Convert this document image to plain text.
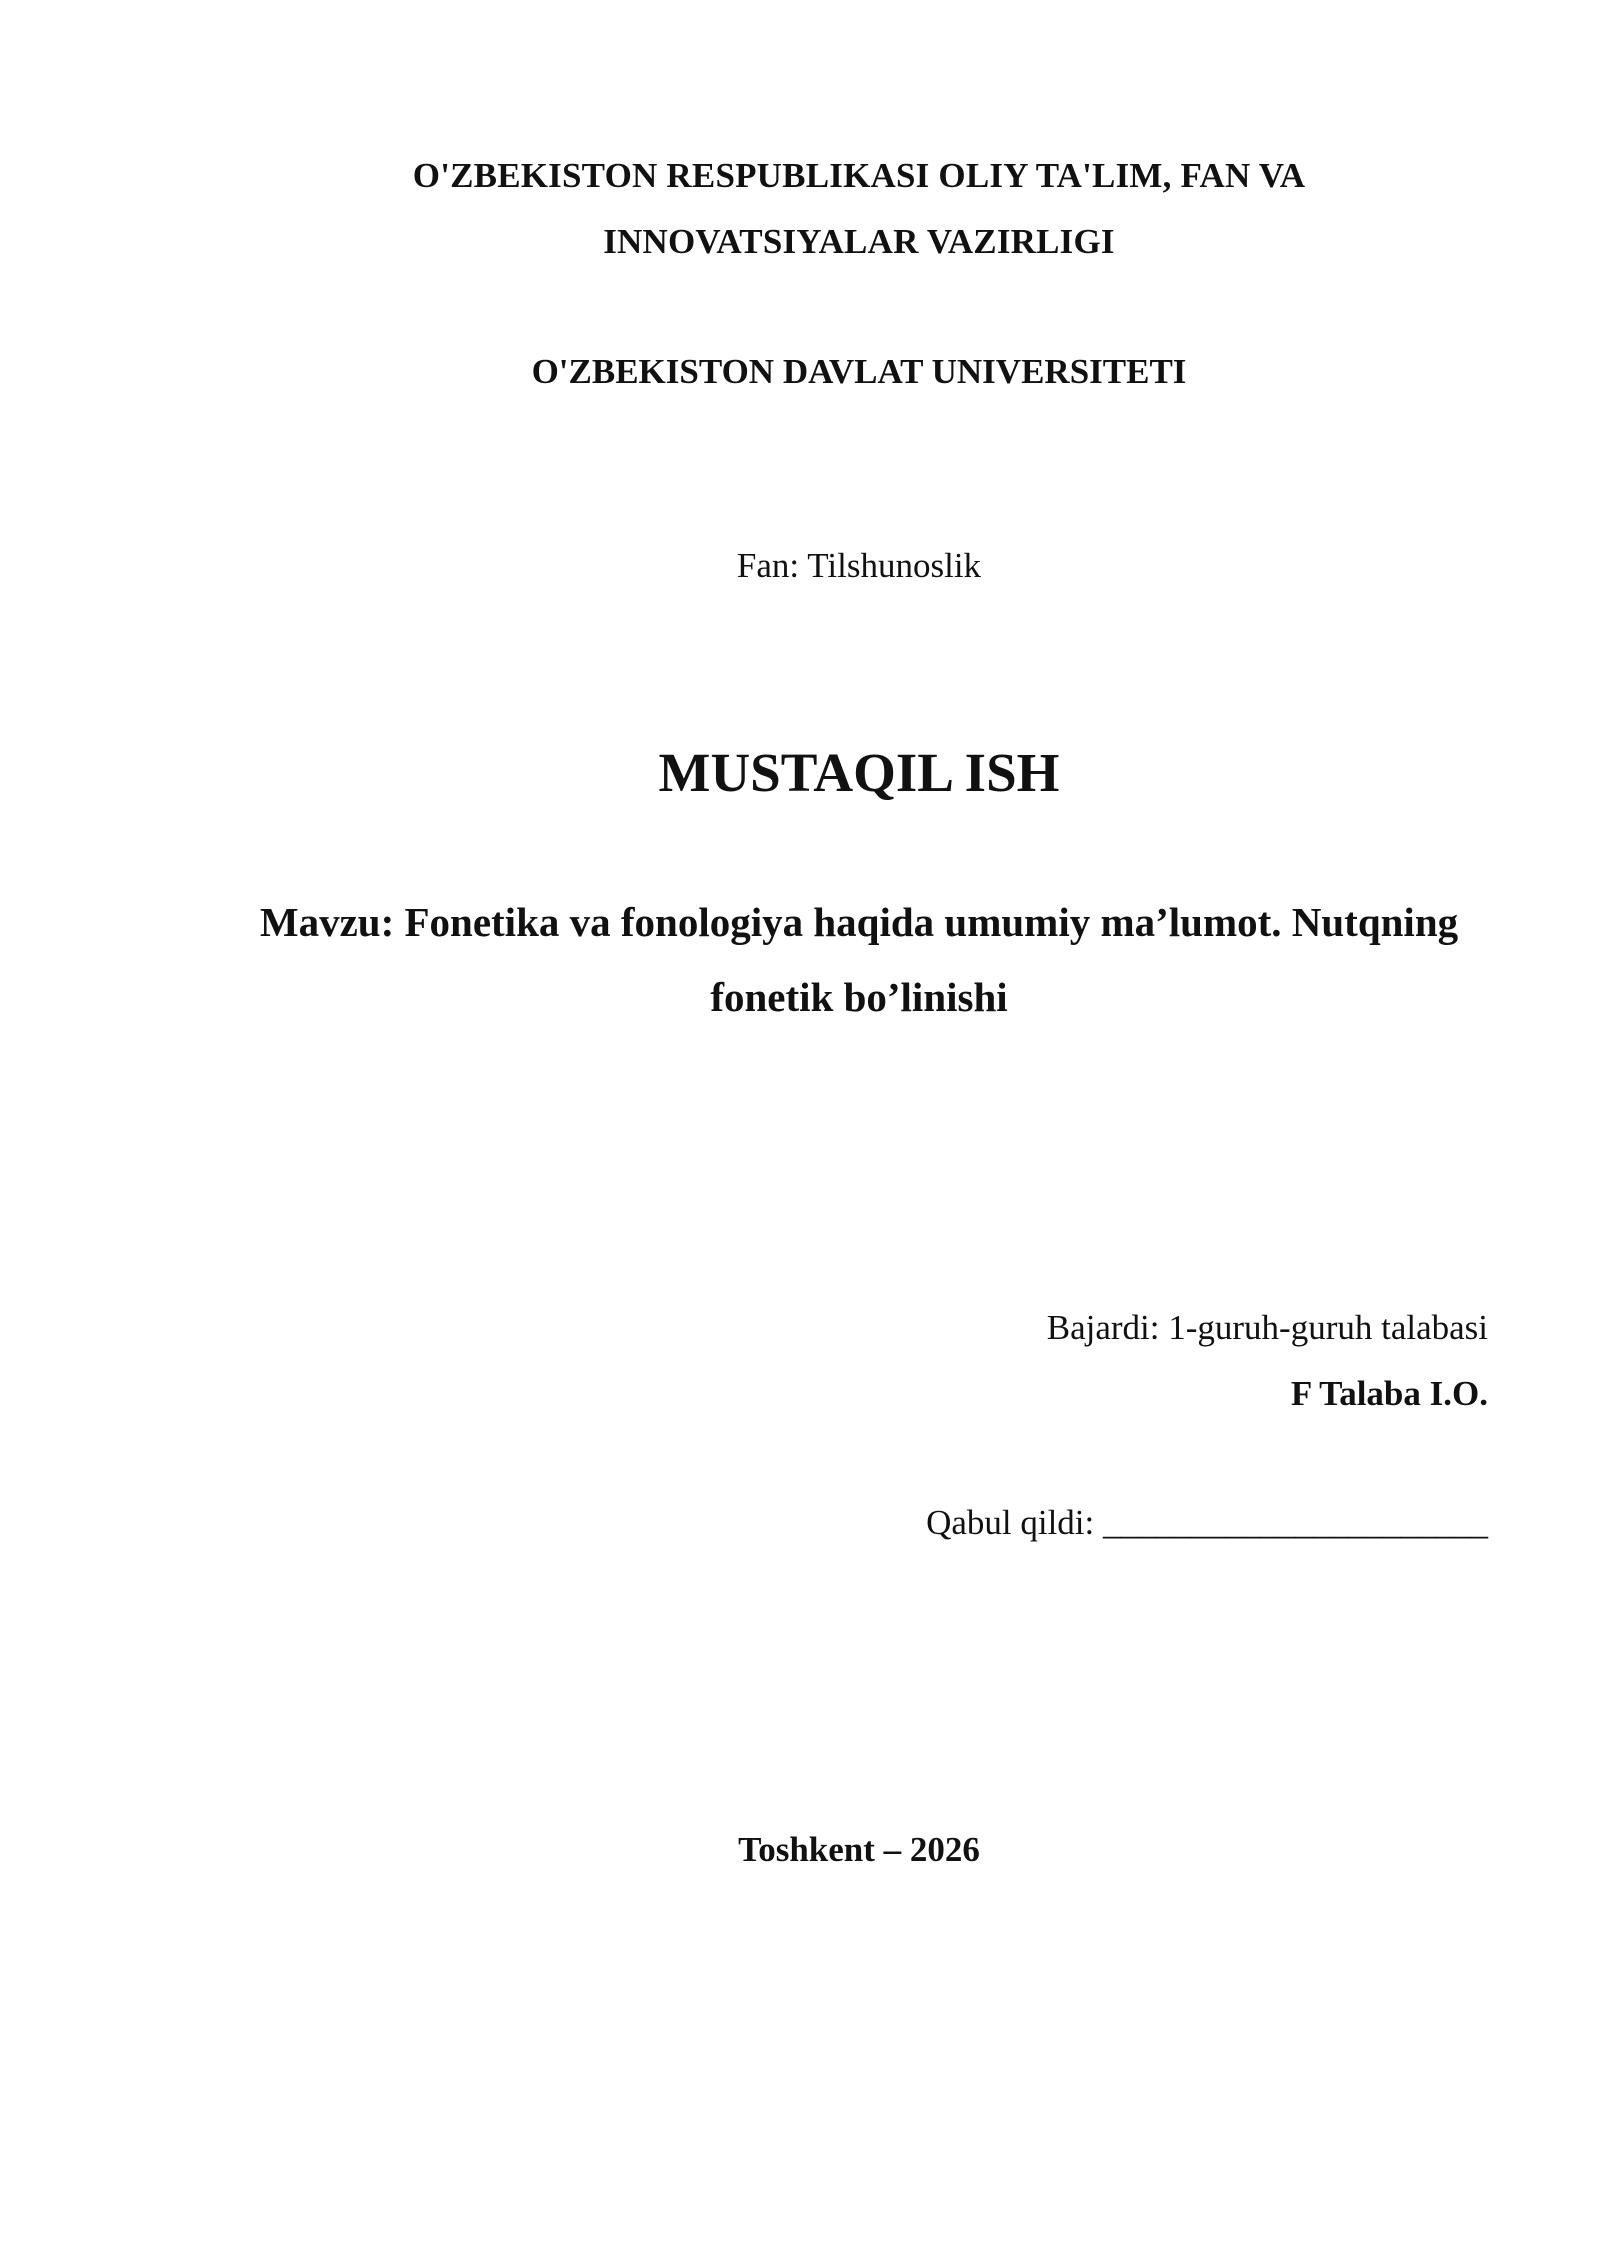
O'ZBEKISTON RESPUBLIKASI OLIY TA'LIM, FAN VA

INNOVATSIYALAR VAZIRLIGI

O'ZBEKISTON DAVLAT UNIVERSITETI

Fan: Tilshunoslik

MUSTAQIL ISH

Mavzu: Fonetika va fonologiya haqida umumiy ma’lumot. Nutqning

fonetik bo’linishi

Bajardi: 1-guruh-guruh talabasi

F Talaba I.O.

Qabul qildi: ______________________

Toshkent – 2026
